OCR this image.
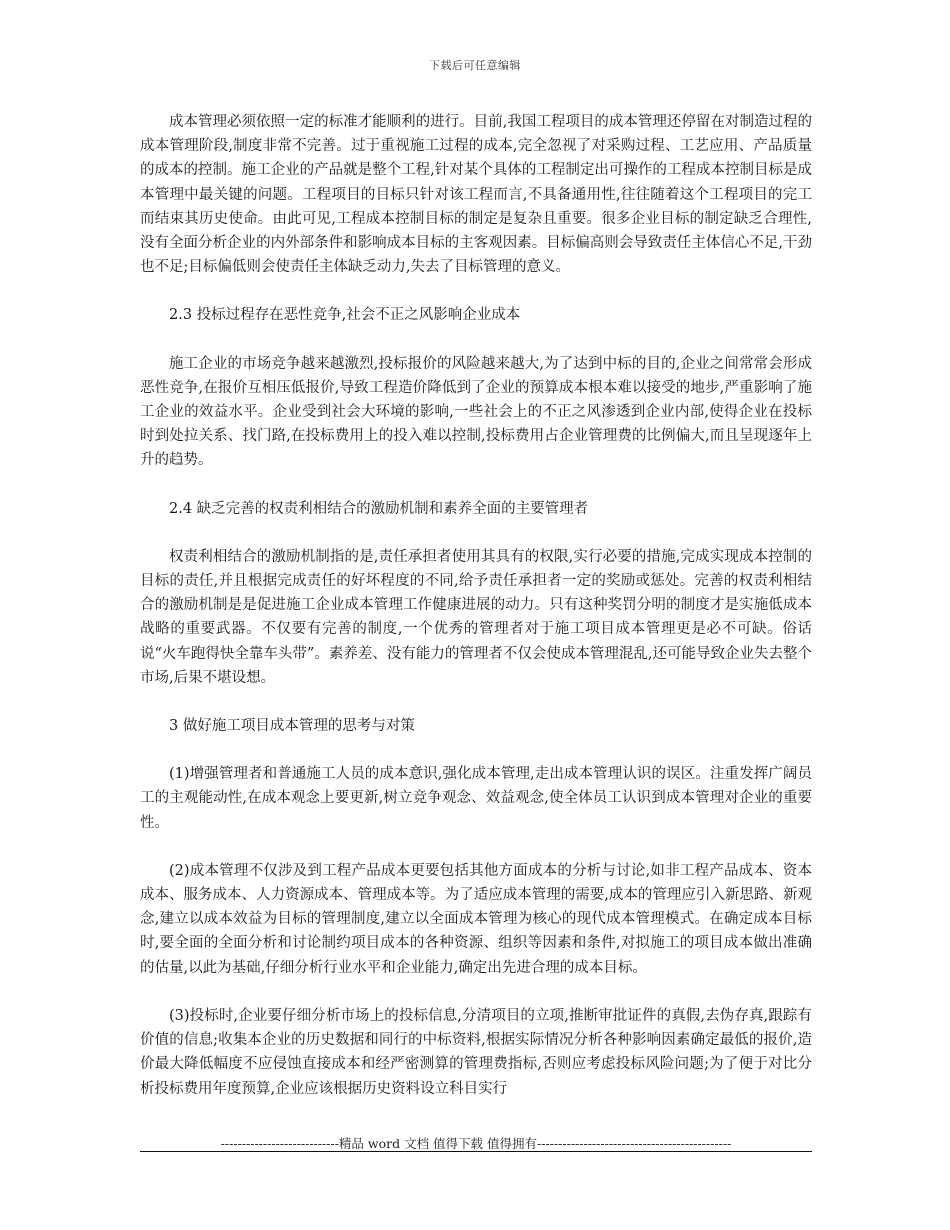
下载后可任意编辑

成本管理必须依照一定的标准才能顺利的进行。目前,我国工程项目的成本管理还停留在对制造过程的成本管理阶段,制度非常不完善。过于重视施工过程的成本,完全忽视了对采购过程、工艺应用、产品质量的成本的控制。施工企业的产品就是整个工程,针对某个具体的工程制定出可操作的工程成本控制目标是成本管理中最关键的问题。工程项目的目标只针对该工程而言,不具备通用性,往往随着这个工程项目的完工而结束其历史使命。由此可见,工程成本控制目标的制定是复杂且重要。很多企业目标的制定缺乏合理性,没有全面分析企业的内外部条件和影响成本目标的主客观因素。目标偏高则会导致责任主体信心不足,干劲也不足;目标偏低则会使责任主体缺乏动力,失去了目标管理的意义。

2.3 投标过程存在恶性竞争,社会不正之风影响企业成本

施工企业的市场竞争越来越激烈,投标报价的风险越来越大,为了达到中标的目的,企业之间常常会形成恶性竞争,在报价互相压低报价,导致工程造价降低到了企业的预算成本根本难以接受的地步,严重影响了施工企业的效益水平。企业受到社会大环境的影响,一些社会上的不正之风渗透到企业内部,使得企业在投标时到处拉关系、找门路,在投标费用上的投入难以控制,投标费用占企业管理费的比例偏大,而且呈现逐年上升的趋势。

2.4 缺乏完善的权责利相结合的激励机制和素养全面的主要管理者

权责利相结合的激励机制指的是,责任承担者使用其具有的权限,实行必要的措施,完成实现成本控制的目标的责任,并且根据完成责任的好坏程度的不同,给予责任承担者一定的奖励或惩处。完善的权责利相结合的激励机制是是促进施工企业成本管理工作健康进展的动力。只有这种奖罚分明的制度才是实施低成本战略的重要武器。不仅要有完善的制度,一个优秀的管理者对于施工项目成本管理更是必不可缺。俗话说“火车跑得快全靠车头带”。素养差、没有能力的管理者不仅会使成本管理混乱,还可能导致企业失去整个市场,后果不堪设想。

3 做好施工项目成本管理的思考与对策

(1)增强管理者和普通施工人员的成本意识,强化成本管理,走出成本管理认识的误区。注重发挥广阔员工的主观能动性,在成本观念上要更新,树立竞争观念、效益观念,使全体员工认识到成本管理对企业的重要性。

(2)成本管理不仅涉及到工程产品成本更要包括其他方面成本的分析与讨论,如非工程产品成本、资本成本、服务成本、人力资源成本、管理成本等。为了适应成本管理的需要,成本的管理应引入新思路、新观念,建立以成本效益为目标的管理制度,建立以全面成本管理为核心的现代成本管理模式。在确定成本目标时,要全面的全面分析和讨论制约项目成本的各种资源、组织等因素和条件,对拟施工的项目成本做出准确的估量,以此为基础,仔细分析行业水平和企业能力,确定出先进合理的成本目标。

(3)投标时,企业要仔细分析市场上的投标信息,分清项目的立项,推断审批证件的真假,去伪存真,跟踪有价值的信息;收集本企业的历史数据和同行的中标资料,根据实际情况分析各种影响因素确定最低的报价,造价最大降低幅度不应侵蚀直接成本和经严密测算的管理费指标,否则应考虑投标风险问题;为了便于对比分析投标费用年度预算,企业应该根据历史资料设立科目实行

----------------------------精品 word 文档 值得下载 值得拥有----------------------------------------------
